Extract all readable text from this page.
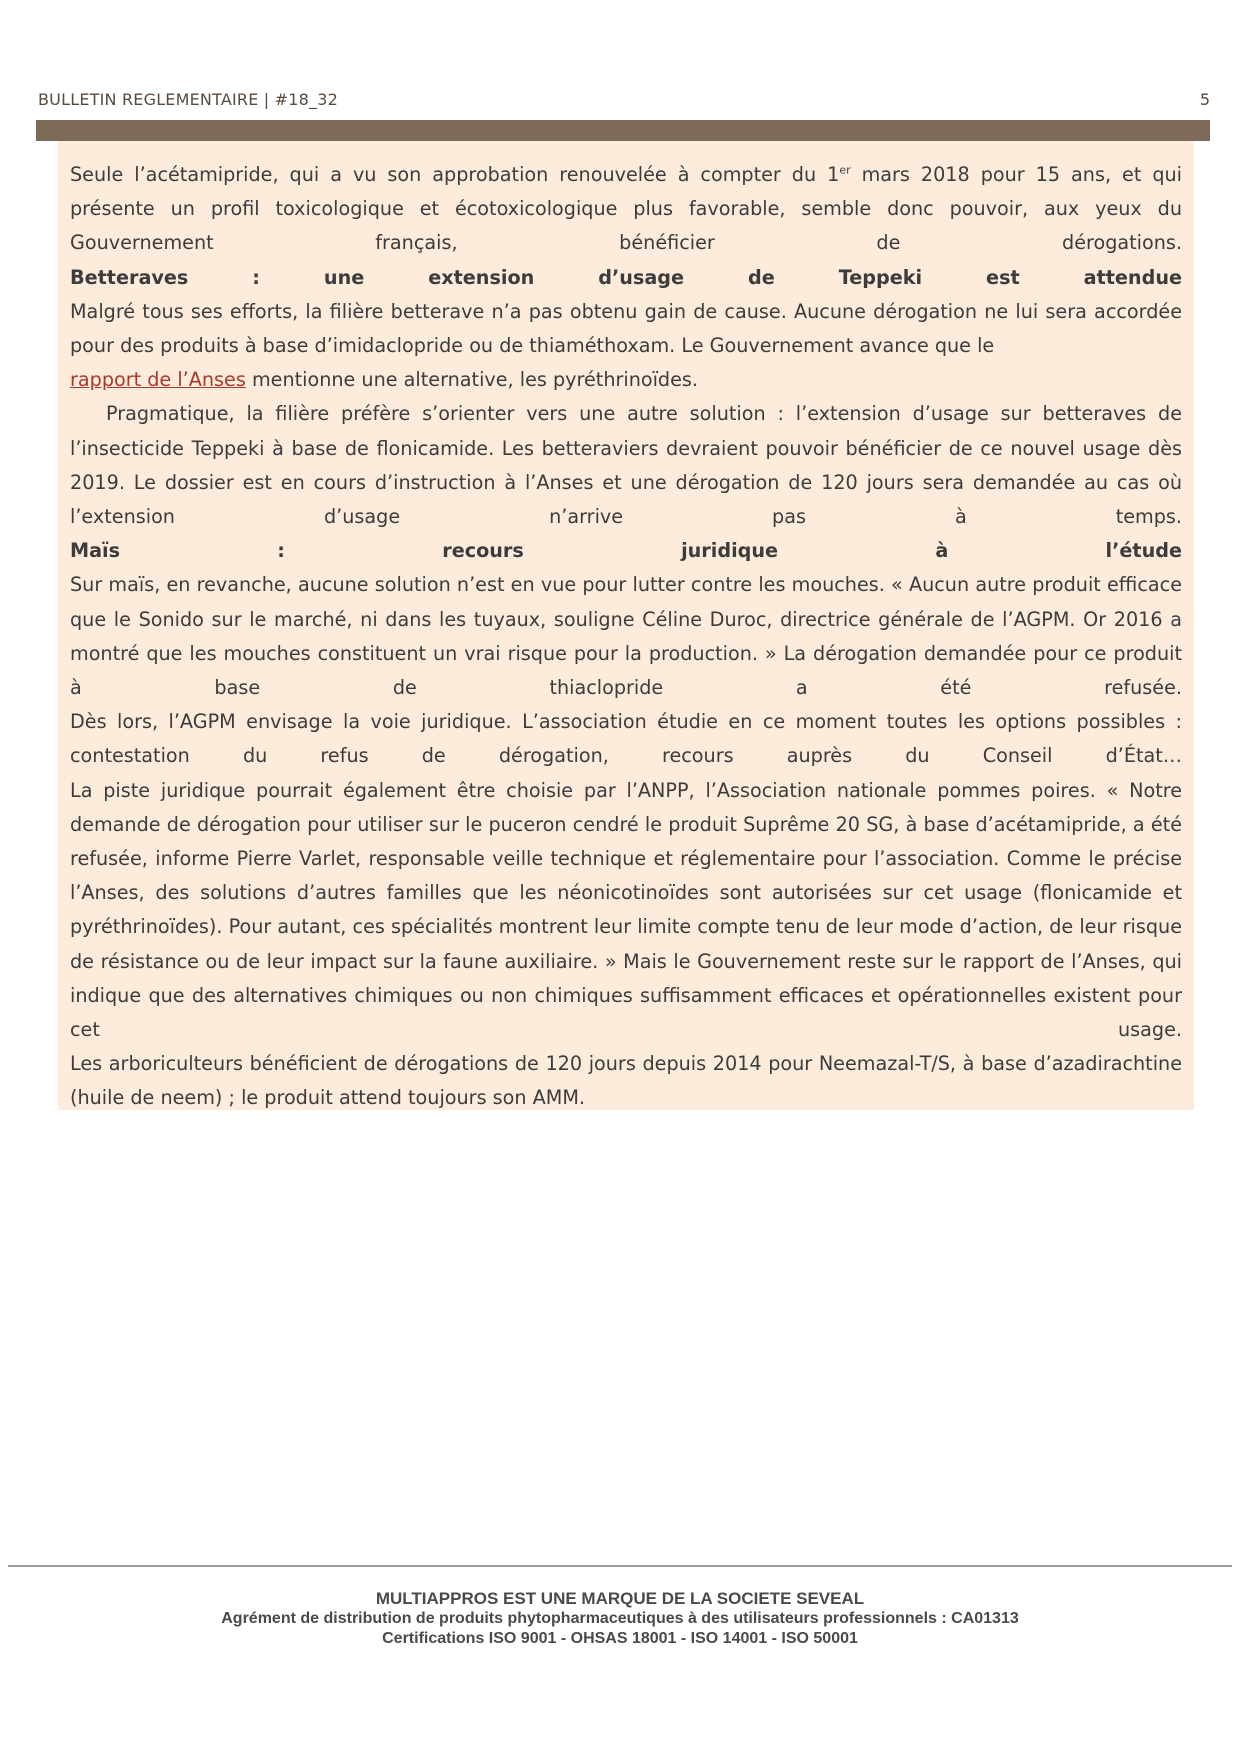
BULLETIN REGLEMENTAIRE | #18_32	5

Seule l’acétamipride, qui a vu son approbation renouvelée à compter du 1er mars 2018 pour 15 ans, et qui présente un profil toxicologique et écotoxicologique plus favorable, semble donc pouvoir, aux yeux du Gouvernement français, bénéficier de dérogations.

Betteraves : une extension d’usage de Teppeki est attendue

Malgré tous ses efforts, la filière betterave n’a pas obtenu gain de cause. Aucune dérogation ne lui sera accordée pour des produits à base d’imidaclopride ou de thiaméthoxam. Le Gouvernement avance que le
rapport de l’Anses mentionne une alternative, les pyréthrinoïdes.

Pragmatique, la filière préfère s’orienter vers une autre solution : l’extension d’usage sur betteraves de l’insecticide Teppeki à base de flonicamide. Les betteraviers devraient pouvoir bénéficier de ce nouvel usage dès 2019. Le dossier est en cours d’instruction à l’Anses et une dérogation de 120 jours sera demandée au cas où l’extension d’usage n’arrive pas à temps.

Maïs : recours juridique à l’étude

Sur maïs, en revanche, aucune solution n’est en vue pour lutter contre les mouches. « Aucun autre produit efficace que le Sonido sur le marché, ni dans les tuyaux, souligne Céline Duroc, directrice générale de l’AGPM. Or 2016 a montré que les mouches constituent un vrai risque pour la production. » La dérogation demandée pour ce produit à base de thiaclopride a été refusée.

Dès lors, l’AGPM envisage la voie juridique. L’association étudie en ce moment toutes les options possibles : contestation du refus de dérogation, recours auprès du Conseil d’État…

La piste juridique pourrait également être choisie par l’ANPP, l’Association nationale pommes poires. « Notre demande de dérogation pour utiliser sur le puceron cendré le produit Suprême 20 SG, à base d’acétamipride, a été refusée, informe Pierre Varlet, responsable veille technique et réglementaire pour l’association. Comme le précise l’Anses, des solutions d’autres familles que les néonicotinoïdes sont autorisées sur cet usage (flonicamide et pyréthrinoïdes). Pour autant, ces spécialités montrent leur limite compte tenu de leur mode d’action, de leur risque de résistance ou de leur impact sur la faune auxiliaire. » Mais le Gouvernement reste sur le rapport de l’Anses, qui indique que des alternatives chimiques ou non chimiques suffisamment efficaces et opérationnelles existent pour cet usage.

Les arboriculteurs bénéficient de dérogations de 120 jours depuis 2014 pour Neemazal-T/S, à base d’azadirachtine (huile de neem) ; le produit attend toujours son AMM.

MULTIAPPROS EST UNE MARQUE DE LA SOCIETE SEVEAL
Agrément de distribution de produits phytopharmaceutiques à des utilisateurs professionnels : CA01313
Certifications ISO 9001 - OHSAS 18001 - ISO 14001 - ISO 50001
